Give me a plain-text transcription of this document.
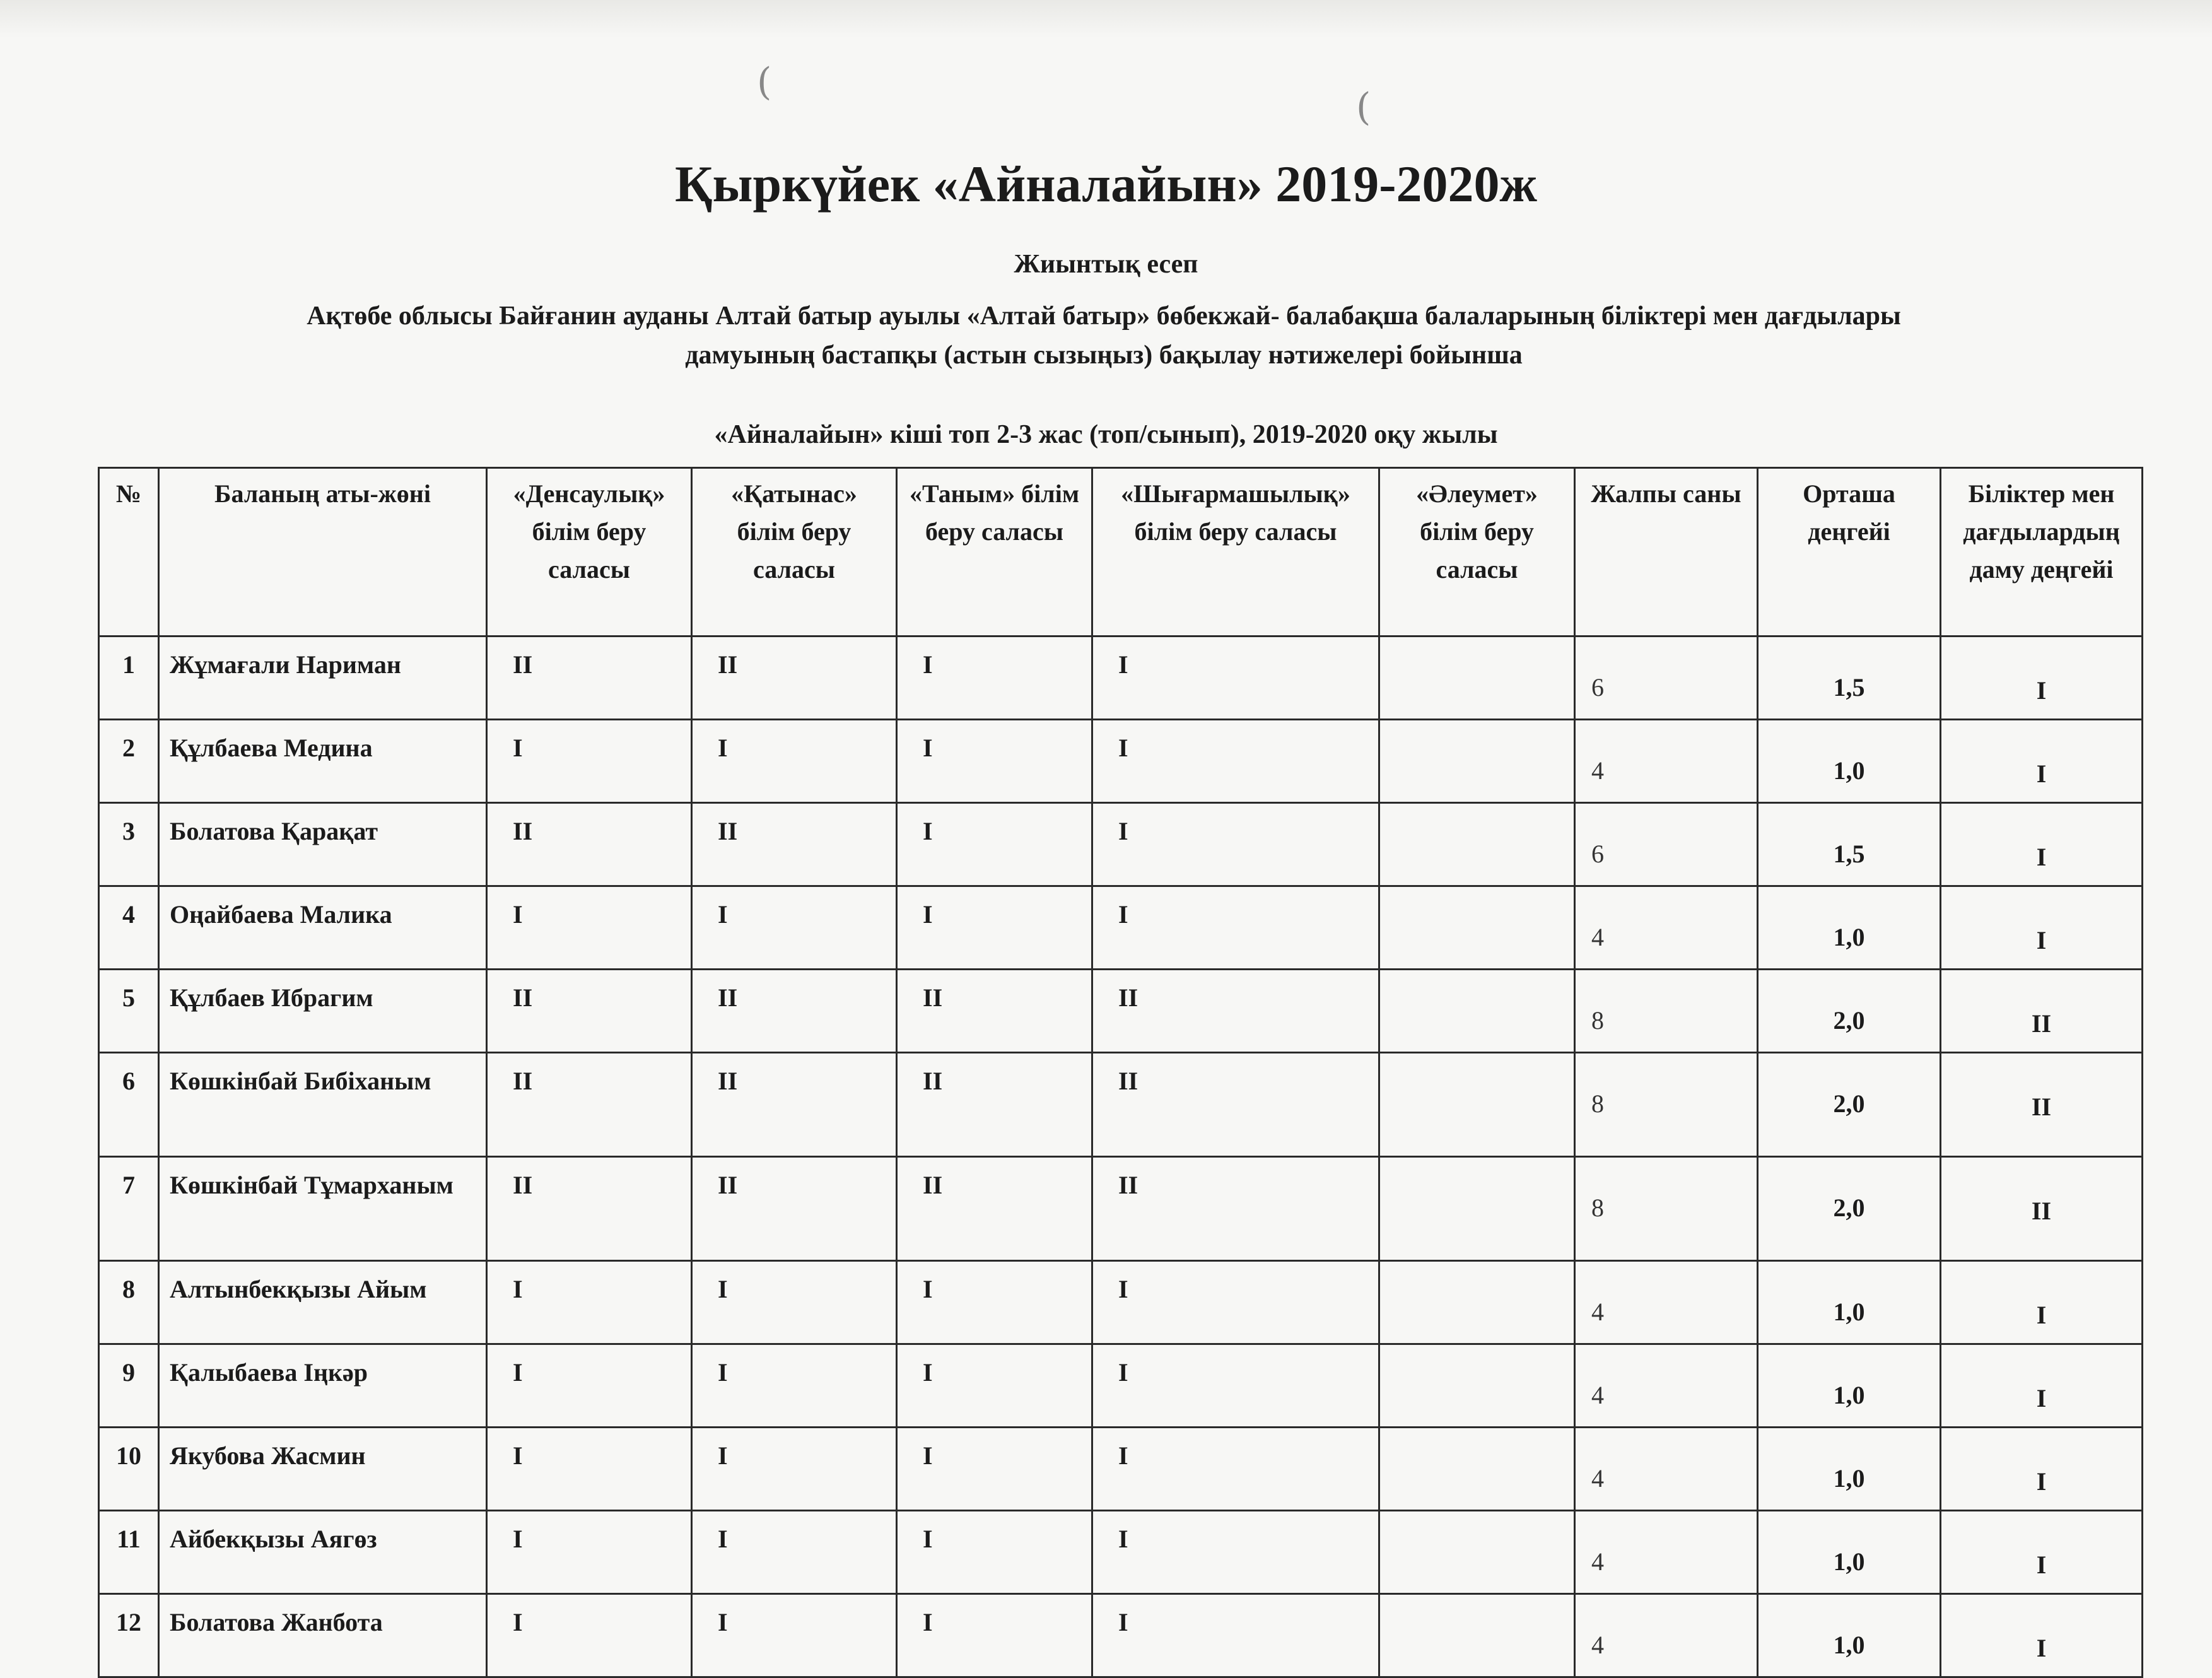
(
(
Қыркүйек «Айналайын» 2019-2020ж
Жиынтық есеп
Ақтөбе облысы Байғанин ауданы Алтай батыр ауылы «Алтай батыр» бөбекжай- балабақша балаларының біліктері мен дағдылары
дамуының бастапқы (астын сызыңыз) бақылау нәтижелері бойынша
«Айналайын» кіші топ 2-3 жас (топ/сынып), 2019-2020 оқу жылы
№	Баланың аты-жөні	«Денсаулық» білім беру саласы	«Қатынас» білім беру саласы	«Таным» білім беру саласы	«Шығармашылық» білім беру саласы	«Әлеумет» білім беру саласы	Жалпы саны	Орташа деңгейі	Біліктер мен дағдылардың даму деңгейі
1	Жұмағали Нариман	II	II	I	I		6	1,5	I
2	Құлбаева Медина	I	I	I	I		4	1,0	I
3	Болатова Қарақат	II	II	I	I		6	1,5	I
4	Оңайбаева Малика	I	I	I	I		4	1,0	I
5	Құлбаев Ибрагим	II	II	II	II		8	2,0	II
6	Көшкінбай Бибіханым	II	II	II	II		8	2,0	II
7	Көшкінбай Тұмарханым	II	II	II	II		8	2,0	II
8	Алтынбекқызы Айым	I	I	I	I		4	1,0	I
9	Қалыбаева Іңкәр	I	I	I	I		4	1,0	I
10	Якубова Жасмин	I	I	I	I		4	1,0	I
11	Айбекқызы Аягөз	I	I	I	I		4	1,0	I
12	Болатова Жанбота	I	I	I	I		4	1,0	I
